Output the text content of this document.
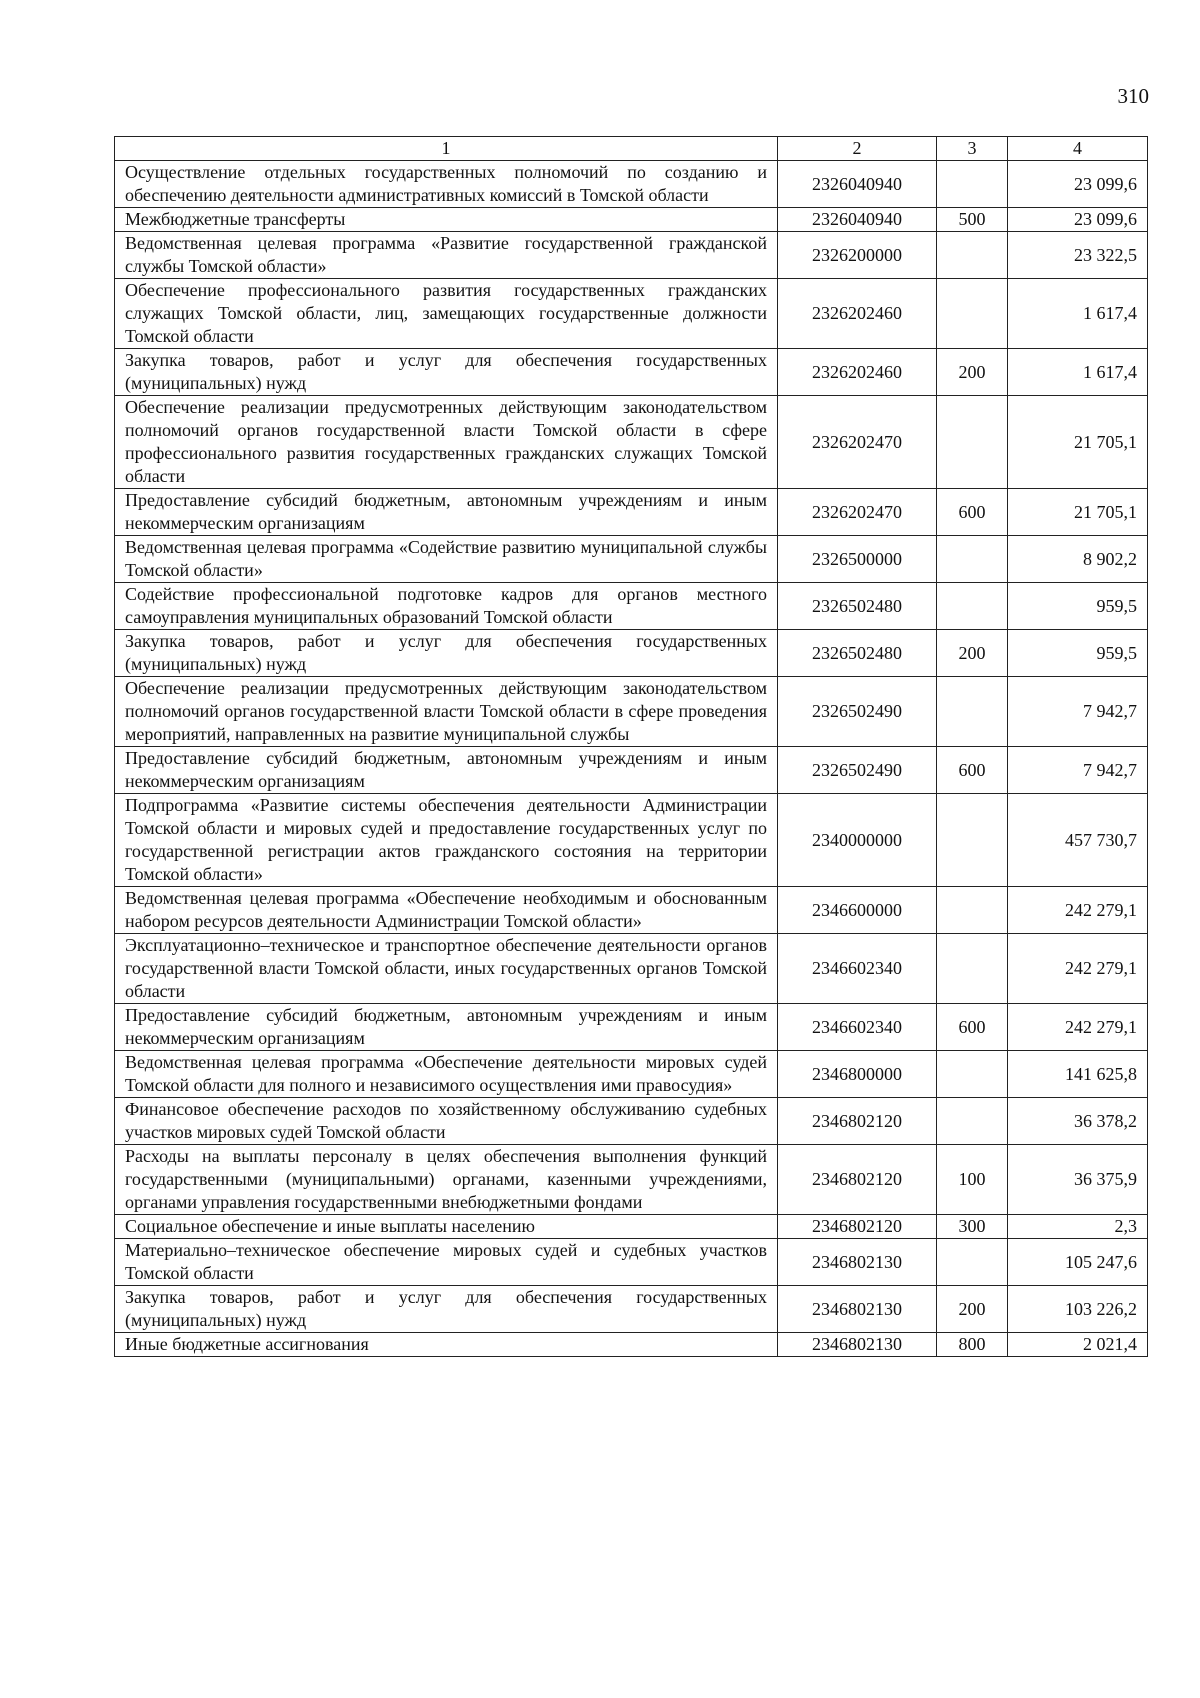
310
1	2	3	4
Осуществление отдельных государственных полномочий по созданию и обеспечению деятельности административных комиссий в Томской области	2326040940		23 099,6
Межбюджетные трансферты	2326040940	500	23 099,6
Ведомственная целевая программа «Развитие государственной гражданской службы Томской области»	2326200000		23 322,5
Обеспечение профессионального развития государственных гражданских служащих Томской области, лиц, замещающих государственные должности Томской области	2326202460		1 617,4
Закупка товаров, работ и услуг для обеспечения государственных (муниципальных) нужд	2326202460	200	1 617,4
Обеспечение реализации предусмотренных действующим законодательством полномочий органов государственной власти Томской области в сфере профессионального развития государственных гражданских служащих Томской области	2326202470		21 705,1
Предоставление субсидий бюджетным, автономным учреждениям и иным некоммерческим организациям	2326202470	600	21 705,1
Ведомственная целевая программа «Содействие развитию муниципальной службы Томской области»	2326500000		8 902,2
Содействие профессиональной подготовке кадров для органов местного самоуправления муниципальных образований Томской области	2326502480		959,5
Закупка товаров, работ и услуг для обеспечения государственных (муниципальных) нужд	2326502480	200	959,5
Обеспечение реализации предусмотренных действующим законодательством полномочий органов государственной власти Томской области в сфере проведения мероприятий, направленных на развитие муниципальной службы	2326502490		7 942,7
Предоставление субсидий бюджетным, автономным учреждениям и иным некоммерческим организациям	2326502490	600	7 942,7
Подпрограмма «Развитие системы обеспечения деятельности Администрации Томской области и мировых судей и предоставление государственных услуг по государственной регистрации актов гражданского состояния на территории Томской области»	2340000000		457 730,7
Ведомственная целевая программа «Обеспечение необходимым и обоснованным набором ресурсов деятельности Администрации Томской области»	2346600000		242 279,1
Эксплуатационно–техническое и транспортное обеспечение деятельности органов государственной власти Томской области, иных государственных органов Томской области	2346602340		242 279,1
Предоставление субсидий бюджетным, автономным учреждениям и иным некоммерческим организациям	2346602340	600	242 279,1
Ведомственная целевая программа «Обеспечение деятельности мировых судей Томской области для полного и независимого осуществления ими правосудия»	2346800000		141 625,8
Финансовое обеспечение расходов по хозяйственному обслуживанию судебных участков мировых судей Томской области	2346802120		36 378,2
Расходы на выплаты персоналу в целях обеспечения выполнения функций государственными (муниципальными) органами, казенными учреждениями, органами управления государственными внебюджетными фондами	2346802120	100	36 375,9
Социальное обеспечение и иные выплаты населению	2346802120	300	2,3
Материально–техническое обеспечение мировых судей и судебных участков Томской области	2346802130		105 247,6
Закупка товаров, работ и услуг для обеспечения государственных (муниципальных) нужд	2346802130	200	103 226,2
Иные бюджетные ассигнования	2346802130	800	2 021,4
